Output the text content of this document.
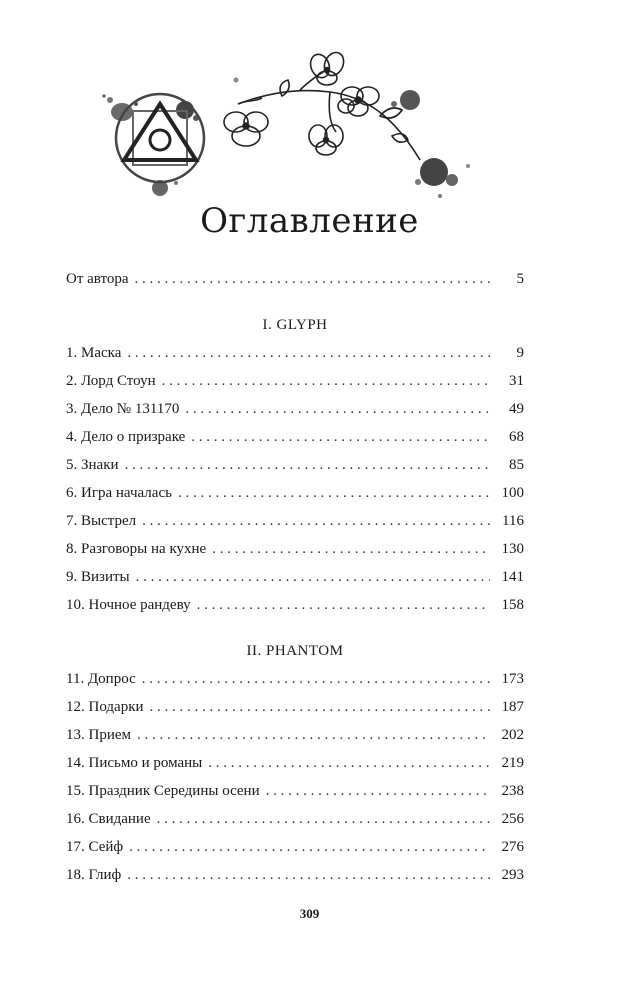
Оглавление
От автора . . .	5
I. GLYPH
1. Маска . . .	9
2. Лорд Стоун . . .	31
3. Дело № 131170 . . .	49
4. Дело о призраке . . .	68
5. Знаки . . .	85
6. Игра началась . . .	100
7. Выстрел . . .	116
8. Разговоры на кухне . . .	130
9. Визиты . . .	141
10. Ночное рандеву . . .	158
II. PHANTOM
11. Допрос . . .	173
12. Подарки . . .	187
13. Прием . . .	202
14. Письмо и романы . . .	219
15. Праздник Середины осени . . .	238
16. Свидание . . .	256
17. Сейф . . .	276
18. Глиф . . .	293
309
